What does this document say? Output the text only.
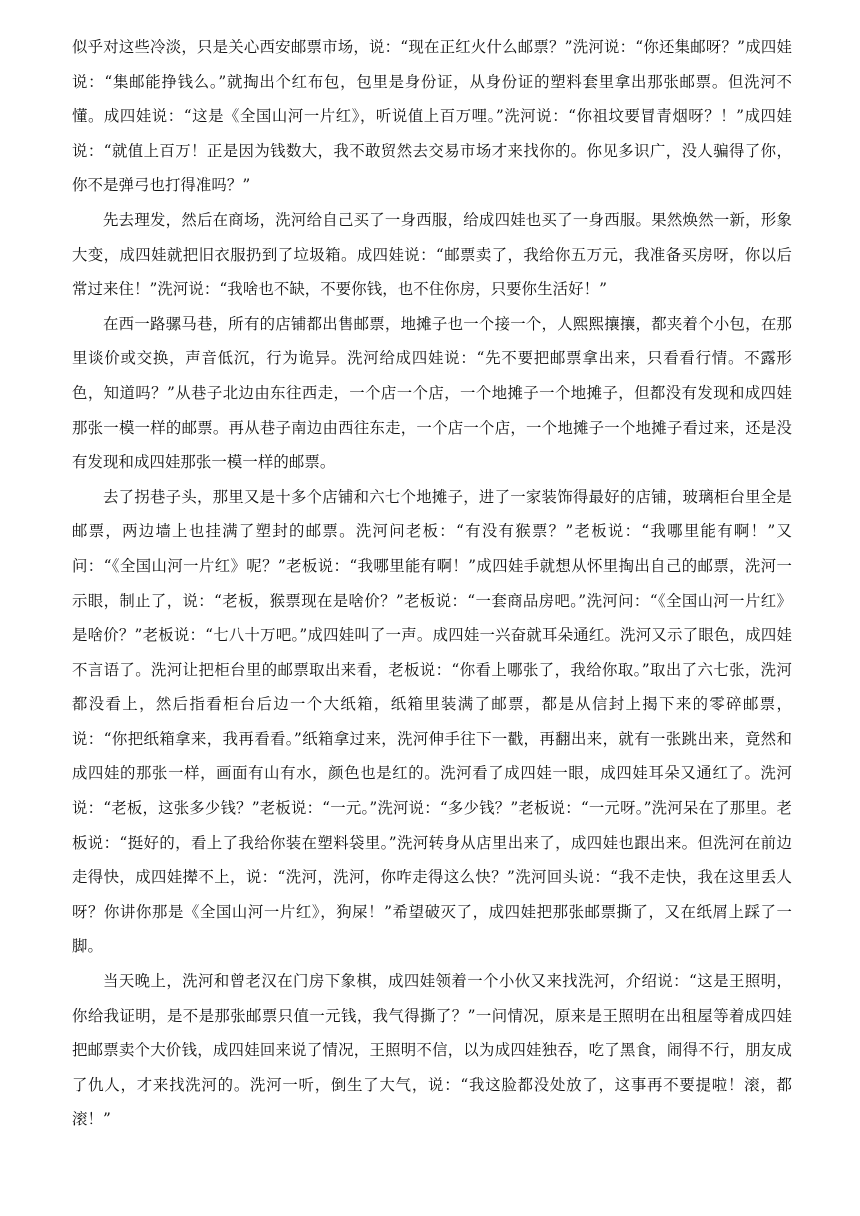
似乎对这些冷淡，只是关心西安邮票市场，说：“现在正红火什么邮票？”洗河说：“你还集邮呀？”成四娃说：“集邮能挣钱么。”就掏出个红布包，包里是身份证，从身份证的塑料套里拿出那张邮票。但洗河不懂。成四娃说：“这是《全国山河一片红》，听说值上百万哩。”洗河说：“你祖坟要冒青烟呀？！”成四娃说：“就值上百万！正是因为钱数大，我不敢贸然去交易市场才来找你的。你见多识广，没人骗得了你，你不是弹弓也打得准吗？”

先去理发，然后在商场，洗河给自己买了一身西服，给成四娃也买了一身西服。果然焕然一新，形象大变，成四娃就把旧衣服扔到了垃圾箱。成四娃说：“邮票卖了，我给你五万元，我准备买房呀，你以后常过来住！”洗河说：“我啥也不缺，不要你钱，也不住你房，只要你生活好！”

在西一路骡马巷，所有的店铺都出售邮票，地摊子也一个接一个，人熙熙攘攘，都夹着个小包，在那里谈价或交换，声音低沉，行为诡异。洗河给成四娃说：“先不要把邮票拿出来，只看看行情。不露形色，知道吗？”从巷子北边由东往西走，一个店一个店，一个地摊子一个地摊子，但都没有发现和成四娃那张一模一样的邮票。再从巷子南边由西往东走，一个店一个店，一个地摊子一个地摊子看过来，还是没有发现和成四娃那张一模一样的邮票。

去了拐巷子头，那里又是十多个店铺和六七个地摊子，进了一家装饰得最好的店铺，玻璃柜台里全是邮票，两边墙上也挂满了塑封的邮票。洗河问老板：“有没有猴票？”老板说：“我哪里能有啊！”又问：“《全国山河一片红》呢？”老板说：“我哪里能有啊！”成四娃手就想从怀里掏出自己的邮票，洗河一示眼，制止了，说：“老板，猴票现在是啥价？”老板说：“一套商品房吧。”洗河问：“《全国山河一片红》是啥价？”老板说：“七八十万吧。”成四娃叫了一声。成四娃一兴奋就耳朵通红。洗河又示了眼色，成四娃不言语了。洗河让把柜台里的邮票取出来看，老板说：“你看上哪张了，我给你取。”取出了六七张，洗河都没看上，然后指看柜台后边一个大纸箱，纸箱里装满了邮票，都是从信封上揭下来的零碎邮票，说：“你把纸箱拿来，我再看看。”纸箱拿过来，洗河伸手往下一戳，再翻出来，就有一张跳出来，竟然和成四娃的那张一样，画面有山有水，颜色也是红的。洗河看了成四娃一眼，成四娃耳朵又通红了。洗河说：“老板，这张多少钱？”老板说：“一元。”洗河说：“多少钱？”老板说：“一元呀。”洗河呆在了那里。老板说：“挺好的，看上了我给你装在塑料袋里。”洗河转身从店里出来了，成四娃也跟出来。但洗河在前边走得快，成四娃撵不上，说：“洗河，洗河，你咋走得这么快？”洗河回头说：“我不走快，我在这里丢人呀？你讲你那是《全国山河一片红》，狗屎！”希望破灭了，成四娃把那张邮票撕了，又在纸屑上踩了一脚。

当天晚上，洗河和曾老汉在门房下象棋，成四娃领着一个小伙又来找洗河，介绍说：“这是王照明，你给我证明，是不是那张邮票只值一元钱，我气得撕了？”一问情况，原来是王照明在出租屋等着成四娃把邮票卖个大价钱，成四娃回来说了情况，王照明不信，以为成四娃独吞，吃了黑食，闹得不行，朋友成了仇人，才来找洗河的。洗河一听，倒生了大气，说：“我这脸都没处放了，这事再不要提啦！滚，都滚！”
